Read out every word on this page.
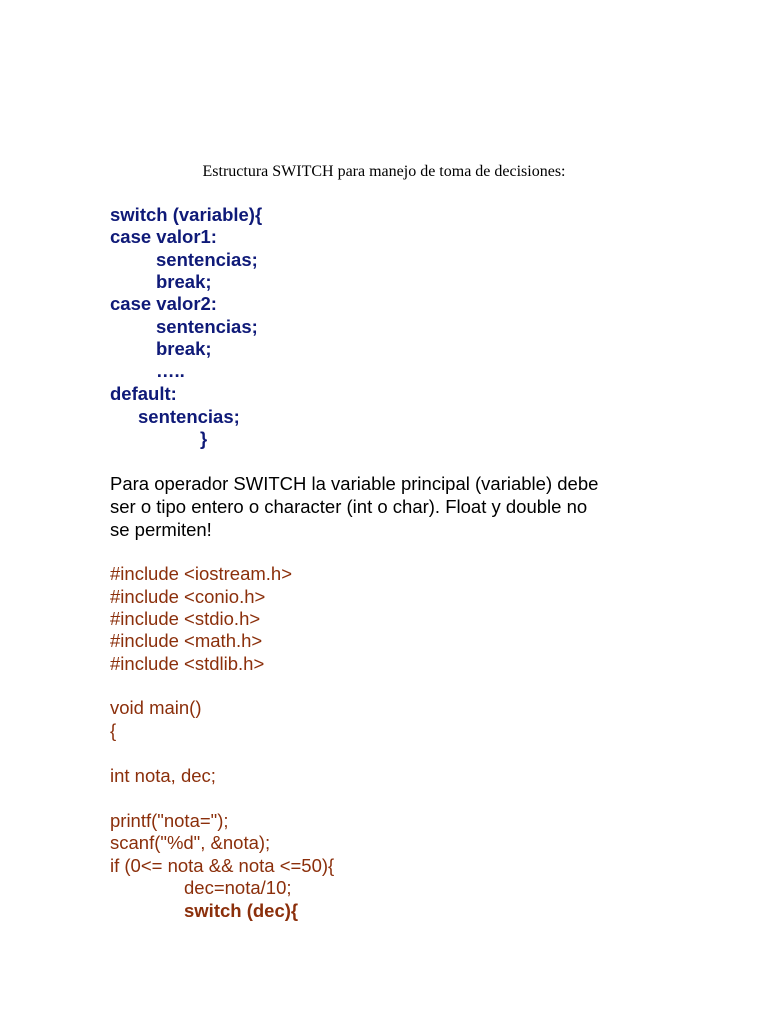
Estructura SWITCH para manejo de toma de decisiones:
switch (variable){
case valor1:
sentencias;
break;
case valor2:
sentencias;
break;
…..
default:
sentencias;
}
Para operador SWITCH la variable principal (variable) debe
ser o tipo entero o character (int o char). Float y double no
se permiten!
#include <iostream.h>
#include <conio.h>
#include <stdio.h>
#include <math.h>
#include <stdlib.h>
void main()
{
int nota, dec;
printf("nota=");
scanf("%d", &nota);
if (0<= nota && nota <=50){
dec=nota/10;
switch (dec){
